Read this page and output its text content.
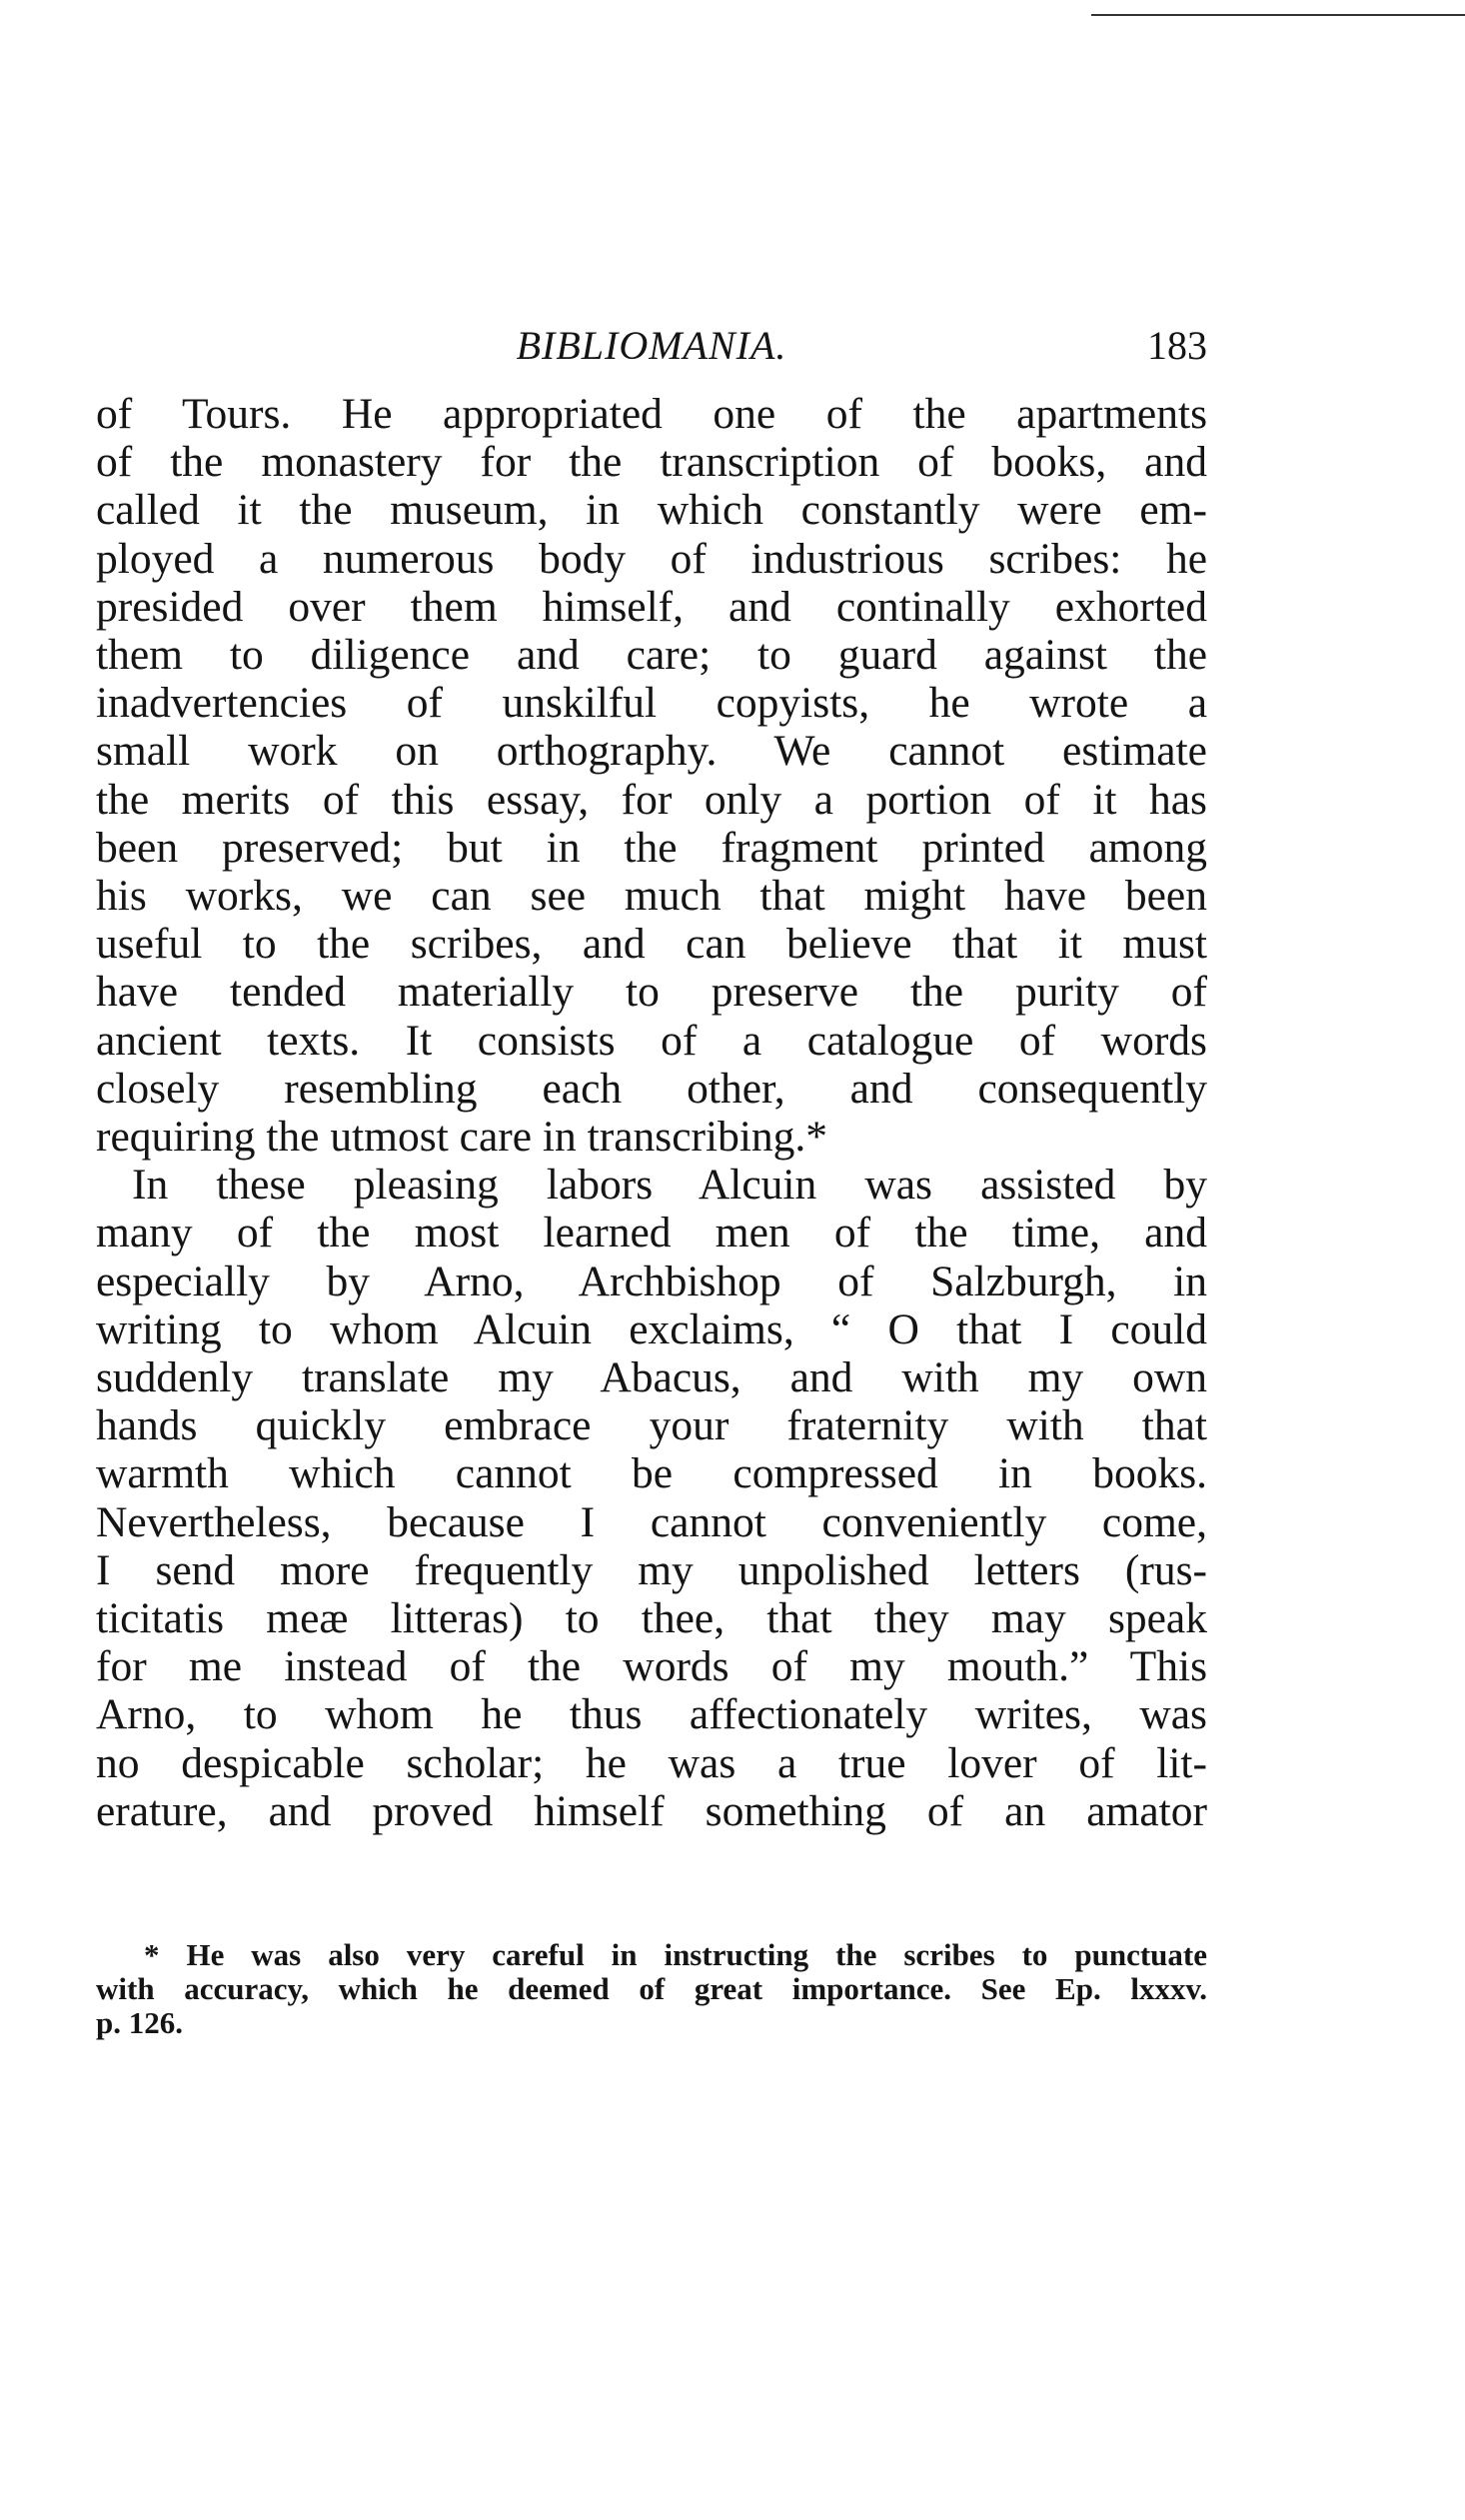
BIBLIOMANIA.	183
of Tours. He appropriated one of the apartments
of the monastery for the transcription of books, and
called it the museum, in which constantly were em-
ployed a numerous body of industrious scribes: he
presided over them himself, and continally exhorted
them to diligence and care; to guard against the
inadvertencies of unskilful copyists, he wrote a
small work on orthography. We cannot estimate
the merits of this essay, for only a portion of it has
been preserved; but in the fragment printed among
his works, we can see much that might have been
useful to the scribes, and can believe that it must
have tended materially to preserve the purity of
ancient texts. It consists of a catalogue of words
closely resembling each other, and consequently
requiring the utmost care in transcribing.*
In these pleasing labors Alcuin was assisted by
many of the most learned men of the time, and
especially by Arno, Archbishop of Salzburgh, in
writing to whom Alcuin exclaims, “ O that I could
suddenly translate my Abacus, and with my own
hands quickly embrace your fraternity with that
warmth which cannot be compressed in books.
Nevertheless, because I cannot conveniently come,
I send more frequently my unpolished letters (rus-
ticitatis meæ litteras) to thee, that they may speak
for me instead of the words of my mouth.” This
Arno, to whom he thus affectionately writes, was
no despicable scholar; he was a true lover of lit-
erature, and proved himself something of an amator
* He was also very careful in instructing the scribes to punctuate
with accuracy, which he deemed of great importance. See Ep. lxxxv.
p. 126.
